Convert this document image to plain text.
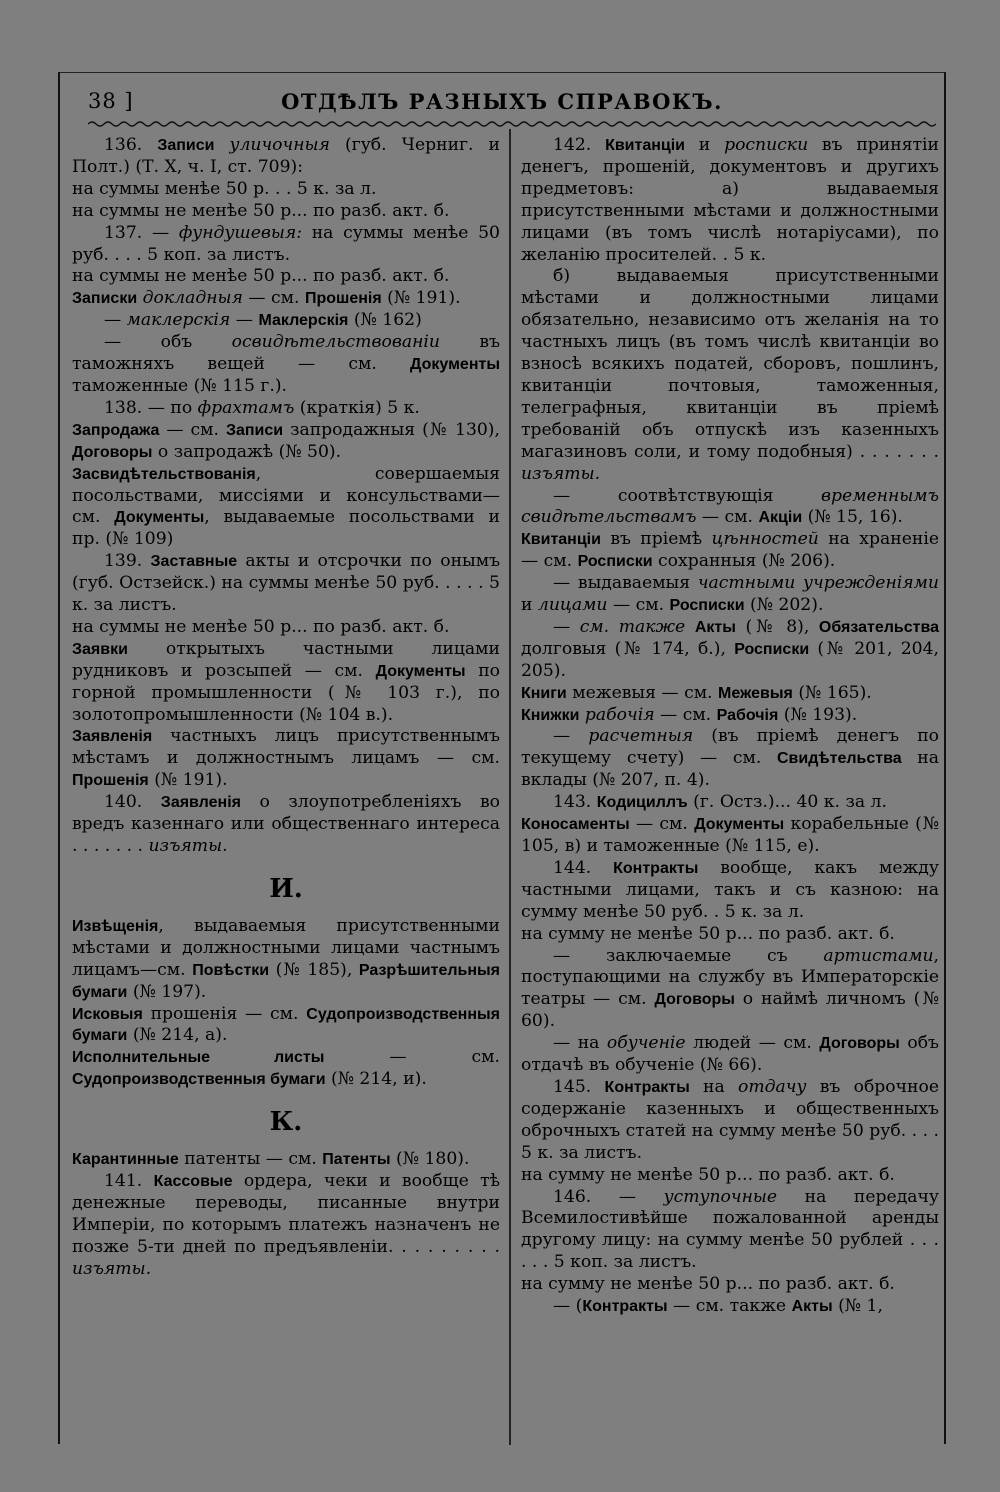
38 ]	ОТДѢЛЪ РАЗНЫХЪ СПРАВОКЪ.

136. Записи уличочныя (губ. Черниг. и Полт.) (Т. X, ч. I, ст. 709):

на суммы менѣе 50 р. . . 5 к. за л.

на суммы не менѣе 50 р... по разб. акт. б.

137. — фундушевыя: на суммы менѣе 50 руб. . . . 5 коп. за листъ.

на суммы не менѣе 50 р... по разб. акт. б.

Записки докладныя — см. Прошенія (№ 191).

— маклерскія — Маклерскія (№ 162)

— объ освидѣтельствованіи въ таможняхъ вещей — см. Документы таможенные (№ 115 г.).

138. — по фрахтамъ (краткія) 5 к.

Запродажа — см. Записи запродажныя (№ 130), Договоры о запродажѣ (№ 50).

Засвидѣтельствованія, совершаемыя посольствами, миссіями и консульствами— см. Документы, выдаваемые посольствами и пр. (№ 109)

139. Заставные акты и отсрочки по онымъ (губ. Остзейск.) на суммы менѣе 50 руб. . . . . 5 к. за листъ.

на суммы не менѣе 50 р... по разб. акт. б.

Заявки открытыхъ частными лицами рудниковъ и розсыпей — см. Документы по горной промышленности (№ 103 г.), по золотопромышленности (№ 104 в.).

Заявленія частныхъ лицъ присутственнымъ мѣстамъ и должностнымъ лицамъ — см. Прошенія (№ 191).

140. Заявленія о злоупотребленіяхъ во вредъ казеннаго или общественнаго интереса . . . . . . . изъяты.

И.

Извѣщенія, выдаваемыя присутственными мѣстами и должностными лицами частнымъ лицамъ—см. Повѣстки (№ 185), Разрѣшительныя бумаги (№ 197).

Исковыя прошенія — см. Судопроизводственныя бумаги (№ 214, а).

Исполнительные листы — см. Судопроизводственныя бумаги (№ 214, и).

К.

Карантинные патенты — см. Патенты (№ 180).

141. Кассовые ордера, чеки и вообще тѣ денежные переводы, писанные внутри Имперіи, по которымъ платежъ назначенъ не позже 5-ти дней по предъявленіи. . . . . . . . . изъяты.

142. Квитанціи и росписки въ принятіи денегъ, прошеній, документовъ и другихъ предметовъ: а) выдаваемыя присутственными мѣстами и должностными лицами (въ томъ числѣ нотаріусами), по желанію просителей. . 5 к.

б) выдаваемыя присутственными мѣстами и должностными лицами обязательно, независимо отъ желанія на то частныхъ лицъ (въ томъ числѣ квитанціи во взносѣ всякихъ податей, сборовъ, пошлинъ, квитанціи почтовыя, таможенныя, телеграфныя, квитанціи въ пріемѣ требованій объ отпускѣ изъ казенныхъ магазиновъ соли, и тому подобныя) . . . . . . . изъяты.

— соотвѣтствующія временнымъ свидѣтельствамъ — см. Акціи (№ 15, 16).

Квитанціи въ пріемѣ цѣнностей на храненіе — см. Росписки сохранныя (№ 206).

— выдаваемыя частными учрежденіями и лицами — см. Росписки (№ 202).

— см. также Акты (№ 8), Обязательства долговыя (№ 174, б.), Росписки (№ 201, 204, 205).

Книги межевыя — см. Межевыя (№ 165).

Книжки рабочія — см. Рабочія (№ 193).

— расчетныя (въ пріемѣ денегъ по текущему счету) — см. Свидѣтельства на вклады (№ 207, п. 4).

143. Кодициллъ (г. Остз.)... 40 к. за л.

Коносаменты — см. Документы корабельные (№ 105, в) и таможенные (№ 115, е).

144. Контракты вообще, какъ между частными лицами, такъ и съ казною: на сумму менѣе 50 руб. . 5 к. за л.

на сумму не менѣе 50 р... по разб. акт. б.

— заключаемые съ артистами, поступающими на службу въ Императорскіе театры — см. Договоры о наймѣ личномъ (№ 60).

— на обученіе людей — см. Договоры объ отдачѣ въ обученіе (№ 66).

145. Контракты на отдачу въ оброчное содержаніе казенныхъ и общественныхъ оброчныхъ статей на сумму менѣе 50 руб. . . . 5 к. за листъ.

на сумму не менѣе 50 р... по разб. акт. б.

146. — уступочные на передачу Всемилостивѣйше пожалованной аренды другому лицу: на сумму менѣе 50 рублей . . . . . . 5 коп. за листъ.

на сумму не менѣе 50 р... по разб. акт. б.

— (Контракты — см. также Акты (№ 1,
